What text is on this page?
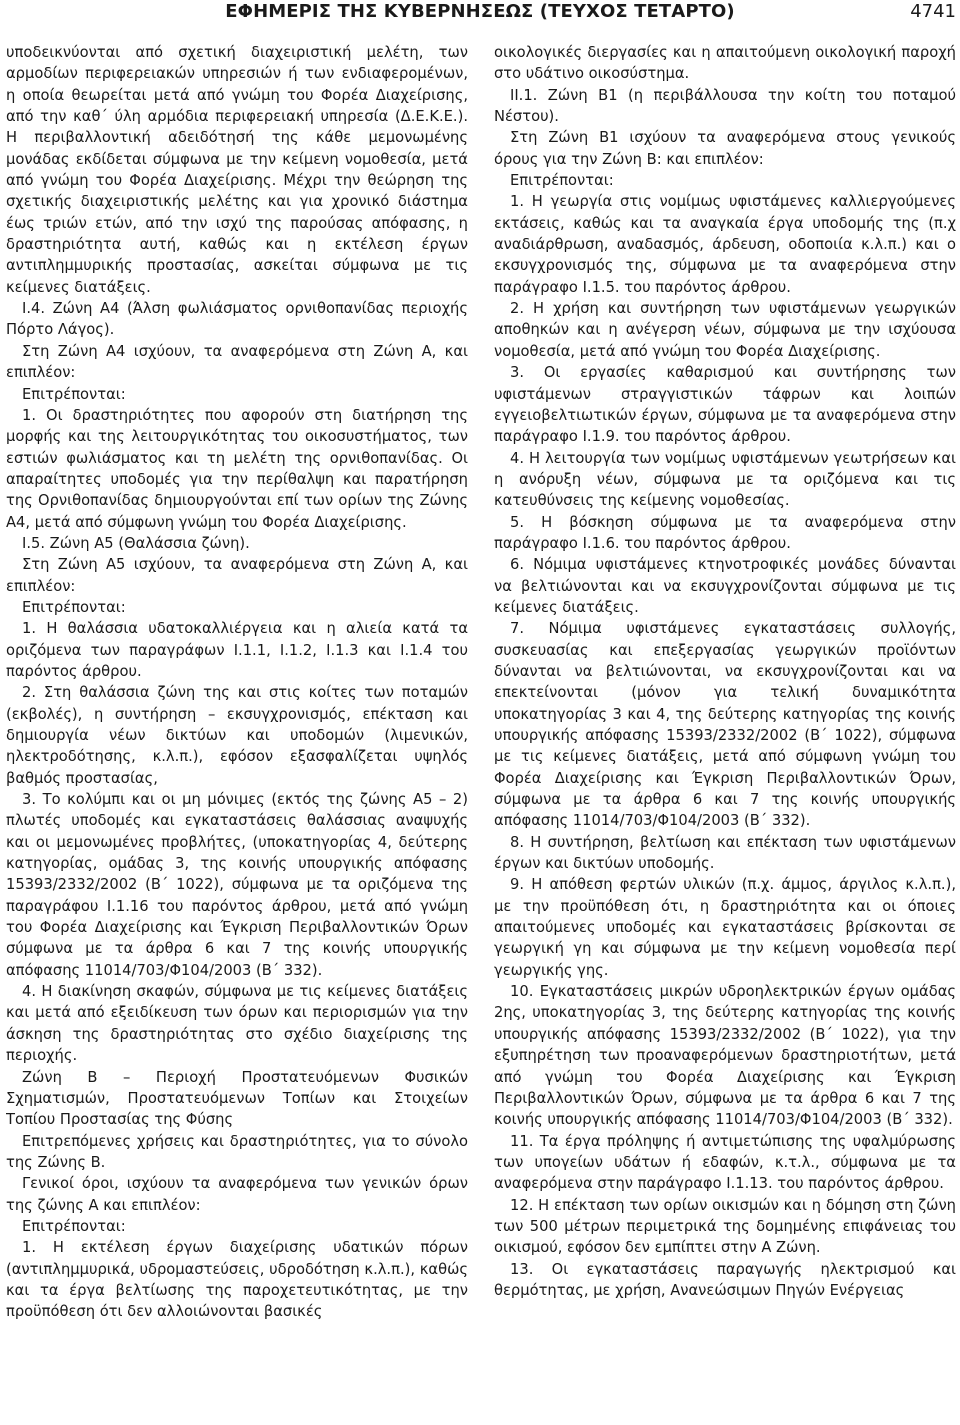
ΕΦΗΜΕΡΙΣ ΤΗΣ ΚΥΒΕΡΝΗΣΕΩΣ (ΤΕΥΧΟΣ ΤΕΤΑΡΤΟ)	4741

υποδεικνύονται από σχετική διαχειριστική μελέτη, των αρμοδίων περιφερειακών υπηρεσιών ή των ενδιαφερομένων, η οποία θεωρείται μετά από γνώμη του Φορέα Διαχείρισης, από την καθ΄ ύλη αρμόδια περιφερειακή υπηρεσία (Δ.Ε.Κ.Ε.). Η περιβαλλοντική αδειδότησή της κάθε μεμονωμένης μονάδας εκδίδεται σύμφωνα με την κείμενη νομοθεσία, μετά από γνώμη του Φορέα Διαχείρισης. Μέχρι την θεώρηση της σχετικής διαχειριστικής μελέτης και για χρονικό διάστημα έως τριών ετών, από την ισχύ της παρούσας απόφασης, η δραστηριότητα αυτή, καθώς και η εκτέλεση έργων αντιπλημμυρικής προστασίας, ασκείται σύμφωνα με τις κείμενες διατάξεις.

Ι.4. Ζώνη Α4 (Άλση φωλιάσματος ορνιθοπανίδας περιοχής Πόρτο Λάγος).

Στη Ζώνη Α4 ισχύουν, τα αναφερόμενα στη Ζώνη Α, και επιπλέον:

Επιτρέπονται:

1. Οι δραστηριότητες που αφορούν στη διατήρηση της μορφής και της λειτουργικότητας του οικοσυστήματος, των εστιών φωλιάσματος και τη μελέτη της ορνιθοπανίδας. Οι απαραίτητες υποδομές για την περίθαλψη και παρατήρηση της Ορνιθοπανίδας δημιουργούνται επί των ορίων της Ζώνης Α4, μετά από σύμφωνη γνώμη του Φορέα Διαχείρισης.

Ι.5. Ζώνη Α5 (Θαλάσσια ζώνη).

Στη Ζώνη Α5 ισχύουν, τα αναφερόμενα στη Ζώνη Α, και επιπλέον:

Επιτρέπονται:

1. Η θαλάσσια υδατοκαλλιέργεια και η αλιεία κατά τα οριζόμενα των παραγράφων Ι.1.1, Ι.1.2, Ι.1.3 και Ι.1.4 του παρόντος άρθρου.

2. Στη θαλάσσια ζώνη της και στις κοίτες των ποταμών (εκβολές), η συντήρηση – εκσυγχρονισμός, επέκταση και δημιουργία νέων δικτύων και υποδομών (λιμενικών, ηλεκτροδότησης, κ.λ.π.), εφόσον εξασφαλίζεται υψηλός βαθμός προστασίας,

3. Το κολύμπι και οι μη μόνιμες (εκτός της ζώνης Α5 – 2) πλωτές υποδομές και εγκαταστάσεις θαλάσσιας αναψυχής και οι μεμονωμένες προβλήτες, (υποκατηγορίας 4, δεύτερης κατηγορίας, ομάδας 3, της κοινής υπουργικής απόφασης 15393/2332/2002 (Β΄ 1022), σύμφωνα με τα οριζόμενα της παραγράφου Ι.1.16 του παρόντος άρθρου, μετά από γνώμη του Φορέα Διαχείρισης και Έγκριση Περιβαλλοντικών Όρων σύμφωνα με τα άρθρα 6 και 7 της κοινής υπουργικής απόφασης 11014/703/Φ104/2003 (Β΄ 332).

4. Η διακίνηση σκαφών, σύμφωνα με τις κείμενες διατάξεις και μετά από εξειδίκευση των όρων και περιορισμών για την άσκηση της δραστηριότητας στο σχέδιο διαχείρισης της περιοχής.

Ζώνη Β – Περιοχή Προστατευόμενων Φυσικών Σχηματισμών, Προστατευόμενων Τοπίων και Στοιχείων Τοπίου Προστασίας της Φύσης

Επιτρεπόμενες χρήσεις και δραστηριότητες, για το σύνολο της Ζώνης Β.

Γενικοί όροι, ισχύουν τα αναφερόμενα των γενικών όρων της ζώνης Α και επιπλέον:

Επιτρέπονται:

1. Η εκτέλεση έργων διαχείρισης υδατικών πόρων (αντιπλημμυρικά, υδρομαστεύσεις, υδροδότηση κ.λ.π.), καθώς και τα έργα βελτίωσης της παροχετευτικότητας, με την προϋπόθεση ότι δεν αλλοιώνονται βασικές

οικολογικές διεργασίες και η απαιτούμενη οικολογική παροχή στο υδάτινο οικοσύστημα.

ΙΙ.1. Ζώνη Β1 (η περιβάλλουσα την κοίτη του ποταμού Νέστου).

Στη Ζώνη Β1 ισχύουν τα αναφερόμενα στους γενικούς όρους για την Ζώνη Β: και επιπλέον:

Επιτρέπονται:

1. Η γεωργία στις νομίμως υφιστάμενες καλλιεργούμενες εκτάσεις, καθώς και τα αναγκαία έργα υποδομής της (π.χ αναδιάρθρωση, αναδασμός, άρδευση, οδοποιία κ.λ.π.) και ο εκσυγχρονισμός της, σύμφωνα με τα αναφερόμενα στην παράγραφο Ι.1.5. του παρόντος άρθρου.

2. Η χρήση και συντήρηση των υφιστάμενων γεωργικών αποθηκών και η ανέγερση νέων, σύμφωνα με την ισχύουσα νομοθεσία, μετά από γνώμη του Φορέα Διαχείρισης.

3. Οι εργασίες καθαρισμού και συντήρησης των υφιστάμενων στραγγιστικών τάφρων και λοιπών εγγειοβελτιωτικών έργων, σύμφωνα με τα αναφερόμενα στην παράγραφο Ι.1.9. του παρόντος άρθρου.

4. Η λειτουργία των νομίμως υφιστάμενων γεωτρήσεων και η ανόρυξη νέων, σύμφωνα με τα οριζόμενα και τις κατευθύνσεις της κείμενης νομοθεσίας.

5. Η βόσκηση σύμφωνα με τα αναφερόμενα στην παράγραφο Ι.1.6. του παρόντος άρθρου.

6. Νόμιμα υφιστάμενες κτηνοτροφικές μονάδες δύνανται να βελτιώνονται και να εκσυγχρονίζονται σύμφωνα με τις κείμενες διατάξεις.

7. Νόμιμα υφιστάμενες εγκαταστάσεις συλλογής, συσκευασίας και επεξεργασίας γεωργικών προϊόντων δύνανται να βελτιώνονται, να εκσυγχρονίζονται και να επεκτείνονται (μόνον για τελική δυναμικότητα υποκατηγορίας 3 και 4, της δεύτερης κατηγορίας της κοινής υπουργικής απόφασης 15393/2332/2002 (Β΄ 1022), σύμφωνα με τις κείμενες διατάξεις, μετά από σύμφωνη γνώμη του Φορέα Διαχείρισης και Έγκριση Περιβαλλοντικών Όρων, σύμφωνα με τα άρθρα 6 και 7 της κοινής υπουργικής απόφασης 11014/703/Φ104/2003 (Β΄ 332).

8. Η συντήρηση, βελτίωση και επέκταση των υφιστάμενων έργων και δικτύων υποδομής.

9. Η απόθεση φερτών υλικών (π.χ. άμμος, άργιλος κ.λ.π.), με την προϋπόθεση ότι, η δραστηριότητα και οι όποιες απαιτούμενες υποδομές και εγκαταστάσεις βρίσκονται σε γεωργική γη και σύμφωνα με την κείμενη νομοθεσία περί γεωργικής γης.

10. Εγκαταστάσεις μικρών υδροηλεκτρικών έργων ομάδας 2ης, υποκατηγορίας 3, της δεύτερης κατηγορίας της κοινής υπουργικής απόφασης 15393/2332/2002 (Β΄ 1022), για την εξυπηρέτηση των προαναφερόμενων δραστηριοτήτων, μετά από γνώμη του Φορέα Διαχείρισης και Έγκριση Περιβαλλοντικών Όρων, σύμφωνα με τα άρθρα 6 και 7 της κοινής υπουργικής απόφασης 11014/703/Φ104/2003 (Β΄ 332).

11. Τα έργα πρόληψης ή αντιμετώπισης της υφαλμύρωσης των υπογείων υδάτων ή εδαφών, κ.τ.λ., σύμφωνα με τα αναφερόμενα στην παράγραφο Ι.1.13. του παρόντος άρθρου.

12. Η επέκταση των ορίων οικισμών και η δόμηση στη ζώνη των 500 μέτρων περιμετρικά της δομημένης επιφάνειας του οικισμού, εφόσον δεν εμπίπτει στην Α Ζώνη.

13. Οι εγκαταστάσεις παραγωγής ηλεκτρισμού και θερμότητας, με χρήση, Ανανεώσιμων Πηγών Ενέργειας
